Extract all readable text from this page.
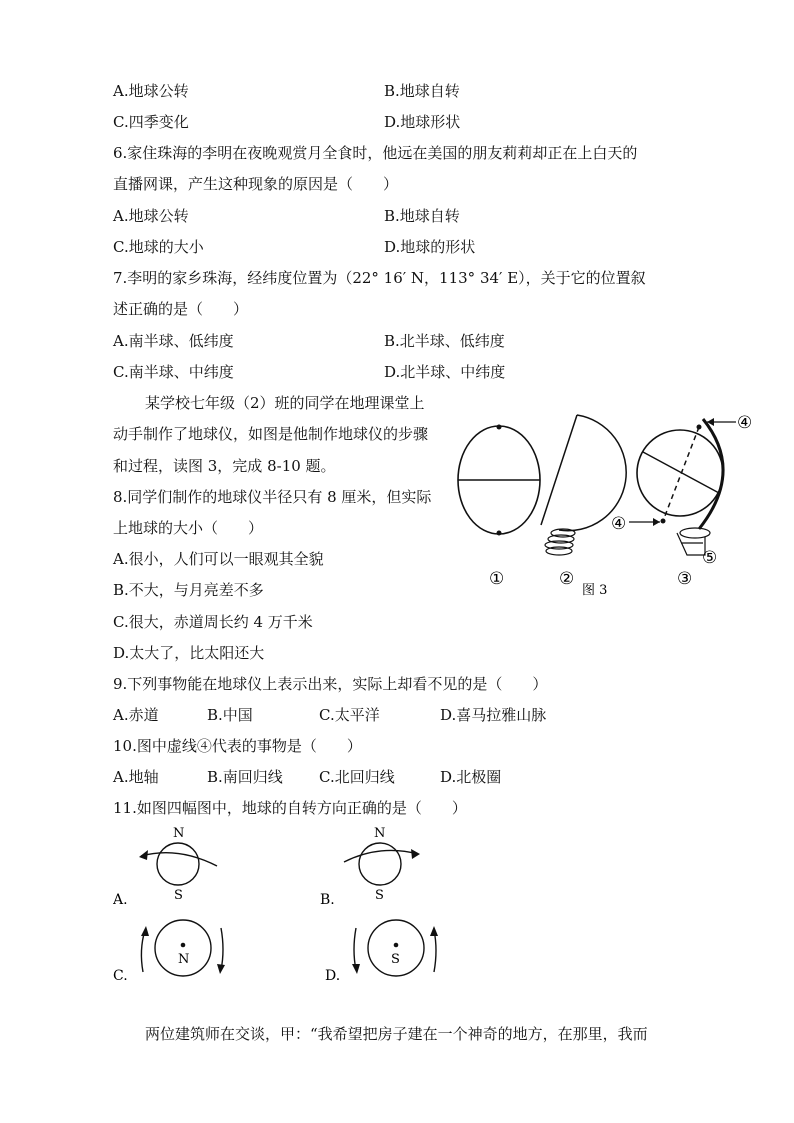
A.地球公转	B.地球自转
C.四季变化	D.地球形状
6.家住珠海的李明在夜晚观赏月全食时，他远在美国的朋友莉莉却正在上白天的
直播网课，产生这种现象的原因是（　　）
A.地球公转	B.地球自转
C.地球的大小	D.地球的形状
7.李明的家乡珠海，经纬度位置为（22° 16′ N，113° 34′ E），关于它的位置叙
述正确的是（　　）
A.南半球、低纬度	B.北半球、低纬度
C.南半球、中纬度	D.北半球、中纬度
某学校七年级（2）班的同学在地理课堂上
动手制作了地球仪，如图是他制作地球仪的步骤
和过程，读图 3，完成 8-10 题。
8.同学们制作的地球仪半径只有 8 厘米，但实际
上地球的大小（　　）
A.很小，人们可以一眼观其全貌
B.不大，与月亮差不多
C.很大，赤道周长约 4 万千米
D.太大了，比太阳还大
9.下列事物能在地球仪上表示出来，实际上却看不见的是（　　）
A.赤道	B.中国	C.太平洋	D.喜马拉雅山脉
10.图中虚线④代表的事物是（　　）
A.地轴	B.南回归线 C.北回归线	D.北极圈
11.如图四幅图中，地球的自转方向正确的是（　　）
④
④
⑤
①	②	③
图 3
N
S
A.
N
S
B.
N
C.
S
D.
两位建筑师在交谈，甲：“我希望把房子建在一个神奇的地方，在那里，我而
